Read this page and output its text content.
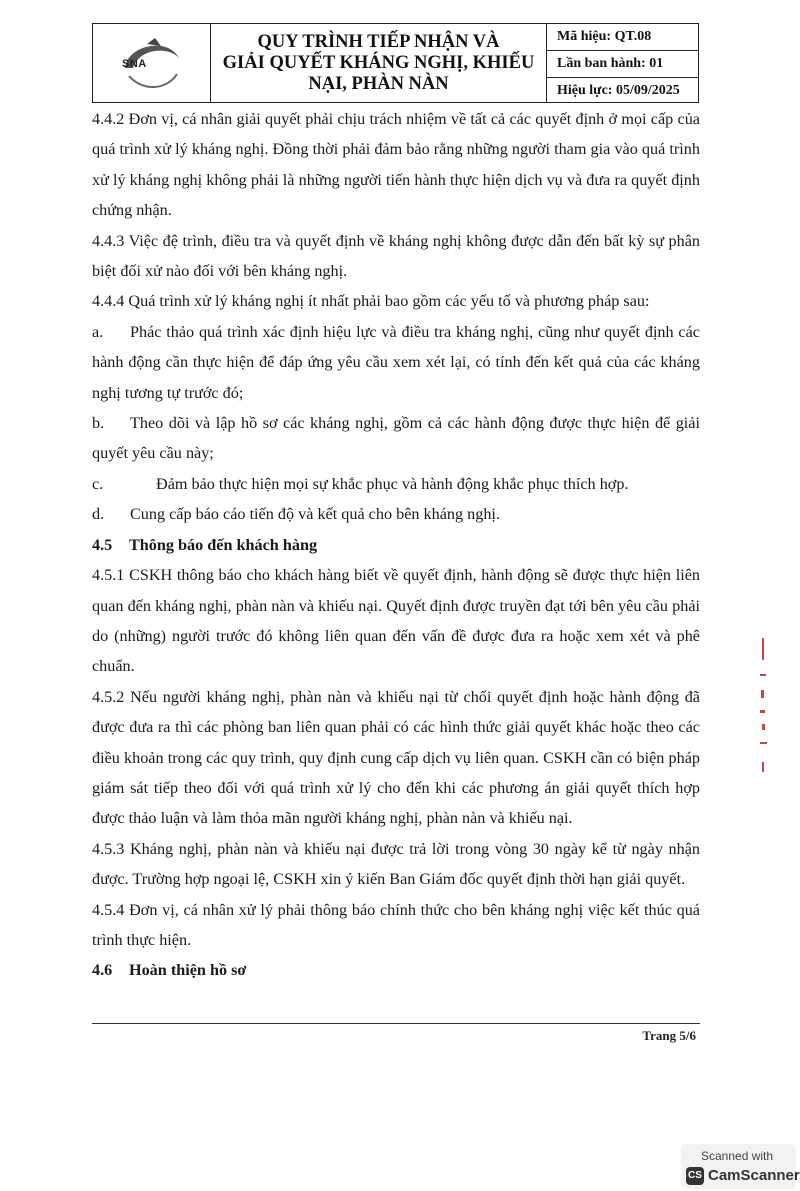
SNA
QUY TRÌNH TIẾP NHẬN VÀ
GIẢI QUYẾT KHÁNG NGHỊ, KHIẾU
NẠI, PHÀN NÀN
Mã hiệu: QT.08
Lần ban hành: 01
Hiệu lực: 05/09/2025

4.4.2 Đơn vị, cá nhân giải quyết phải chịu trách nhiệm về tất cả các quyết định ở mọi cấp của quá trình xử lý kháng nghị. Đồng thời phải đảm bảo rằng những người tham gia vào quá trình xử lý kháng nghị không phải là những người tiến hành thực hiện dịch vụ và đưa ra quyết định chứng nhận.

4.4.3 Việc đệ trình, điều tra và quyết định về kháng nghị không được dẫn đến bất kỳ sự phân biệt đối xử nào đối với bên kháng nghị.

4.4.4 Quá trình xử lý kháng nghị ít nhất phải bao gồm các yếu tố và phương pháp sau:

a. Phác thảo quá trình xác định hiệu lực và điều tra kháng nghị, cũng như quyết định các hành động cần thực hiện để đáp ứng yêu cầu xem xét lại, có tính đến kết quả của các kháng nghị tương tự trước đó;

b. Theo dõi và lập hồ sơ các kháng nghị, gồm cả các hành động được thực hiện để giải quyết yêu cầu này;

c.	Đảm bảo thực hiện mọi sự khắc phục và hành động khắc phục thích hợp.

d. Cung cấp báo cáo tiến độ và kết quả cho bên kháng nghị.

4.5 Thông báo đến khách hàng

4.5.1 CSKH thông báo cho khách hàng biết về quyết định, hành động sẽ được thực hiện liên quan đến kháng nghị, phàn nàn và khiếu nại. Quyết định được truyền đạt tới bên yêu cầu phải do (những) người trước đó không liên quan đến vấn đề được đưa ra hoặc xem xét và phê chuẩn.

4.5.2 Nếu người kháng nghị, phàn nàn và khiếu nại từ chối quyết định hoặc hành động đã được đưa ra thì các phòng ban liên quan phải có các hình thức giải quyết khác hoặc theo các điều khoản trong các quy trình, quy định cung cấp dịch vụ liên quan. CSKH cần có biện pháp giám sát tiếp theo đối với quá trình xử lý cho đến khi các phương án giải quyết thích hợp được thảo luận và làm thỏa mãn người kháng nghị, phàn nàn và khiếu nại.

4.5.3 Kháng nghị, phàn nàn và khiếu nại được trả lời trong vòng 30 ngày kể từ ngày nhận được. Trường hợp ngoại lệ, CSKH xin ý kiến Ban Giám đốc quyết định thời hạn giải quyết.

4.5.4 Đơn vị, cá nhân xử lý phải thông báo chính thức cho bên kháng nghị việc kết thúc quá trình thực hiện.

4.6 Hoàn thiện hồ sơ

Trang 5/6
Scanned with
CS CamScanner
